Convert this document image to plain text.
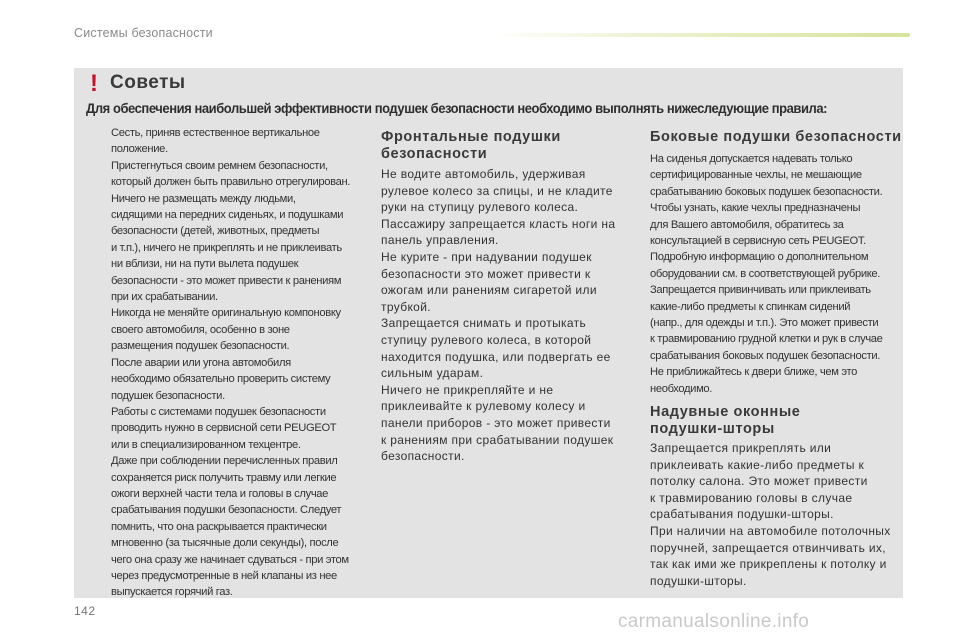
Системы безопасности
! Советы
Для обеспечения наибольшей эффективности подушек безопасности необходимо выполнять нижеследующие правила:

Сесть, приняв естественное вертикальное

положение.

Пристегнуться своим ремнем безопасности,

который должен быть правильно отрегулирован.

Ничего не размещать между людьми,

сидящими на передних сиденьях, и подушками

безопасности (детей, животных, предметы

и т.п.), ничего не прикреплять и не приклеивать

ни вблизи, ни на пути вылета подушек

безопасности - это может привести к ранениям

при их срабатывании.

Никогда не меняйте оригинальную компоновку

своего автомобиля, особенно в зоне

размещения подушек безопасности.

После аварии или угона автомобиля

необходимо обязательно проверить систему

подушек безопасности.

Работы с системами подушек безопасности

проводить нужно в сервисной сети PEUGEOT

или в специализированном техцентре.

Даже при соблюдении перечисленных правил

сохраняется риск получить травму или легкие

ожоги верхней части тела и головы в случае

срабатывания подушки безопасности. Следует

помнить, что она раскрывается практически

мгновенно (за тысячные доли секунды), после

чего она сразу же начинает сдуваться - при этом

через предусмотренные в ней клапаны из нее

выпускается горячий газ.

Фронтальные подушки
безопасности

Не водите автомобиль, удерживая

рулевое колесо за спицы, и не кладите

руки на ступицу рулевого колеса.

Пассажиру запрещается класть ноги на

панель управления.

Не курите - при надувании подушек

безопасности это может привести к

ожогам или ранениям сигаретой или

трубкой.

Запрещается снимать и протыкать

ступицу рулевого колеса, в которой

находится подушка, или подвергать ее

сильным ударам.

Ничего не прикрепляйте и не

приклеивайте к рулевому колесу и

панели приборов - это может привести

к ранениям при срабатывании подушек

безопасности.

Боковые подушки безопасности

На сиденья допускается надевать только

сертифицированные чехлы, не мешающие

срабатыванию боковых подушек безопасности.

Чтобы узнать, какие чехлы предназначены

для Вашего автомобиля, обратитесь за

консультацией в сервисную сеть PEUGEOT.

Подробную информацию о дополнительном

оборудовании см. в соответствующей рубрике.

Запрещается привинчивать или приклеивать

какие-либо предметы к спинкам сидений

(напр., для одежды и т.п.). Это может привести

к травмированию грудной клетки и рук в случае

срабатывания боковых подушек безопасности.

Не приближайтесь к двери ближе, чем это

необходимо.

Надувные оконные
подушки-шторы

Запрещается прикреплять или

приклеивать какие-либо предметы к

потолку салона. Это может привести

к травмированию головы в случае

срабатывания подушки-шторы.

При наличии на автомобиле потолочных

поручней, запрещается отвинчивать их,

так как ими же прикреплены к потолку и

подушки-шторы.

142	carmanualsonline.info
